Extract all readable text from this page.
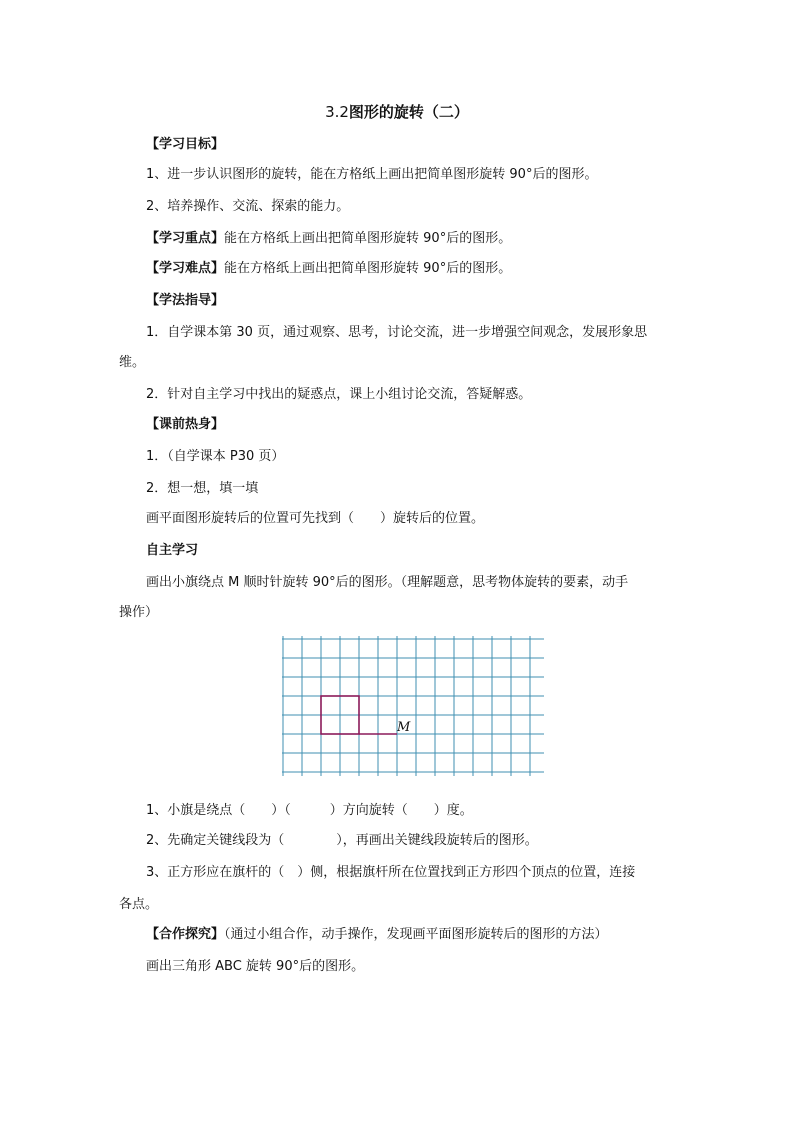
3.2图形的旋转（二）
【学习目标】
1、进一步认识图形的旋转，能在方格纸上画出把简单图形旋转 90°后的图形。
2、培养操作、交流、探索的能力。
【学习重点】能在方格纸上画出把简单图形旋转 90°后的图形。
【学习难点】能在方格纸上画出把简单图形旋转 90°后的图形。
【学法指导】
1．自学课本第 30 页，通过观察、思考，讨论交流，进一步增强空间观念，发展形象思
维。
2．针对自主学习中找出的疑惑点，课上小组讨论交流，答疑解惑。
【课前热身】
1．（自学课本 P30 页）
2．想一想，填一填
画平面图形旋转后的位置可先找到（　　）旋转后的位置。
自主学习
画出小旗绕点 M 顺时针旋转 90°后的图形。（理解题意，思考物体旋转的要素，动手
操作）
M
1、小旗是绕点（　　）（　　　）方向旋转（　　）度。
2、先确定关键线段为（　　　　），再画出关键线段旋转后的图形。
3、正方形应在旗杆的（　）侧，根据旗杆所在位置找到正方形四个顶点的位置，连接
各点。
【合作探究】（通过小组合作，动手操作，发现画平面图形旋转后的图形的方法）
画出三角形 ABC 旋转 90°后的图形。
